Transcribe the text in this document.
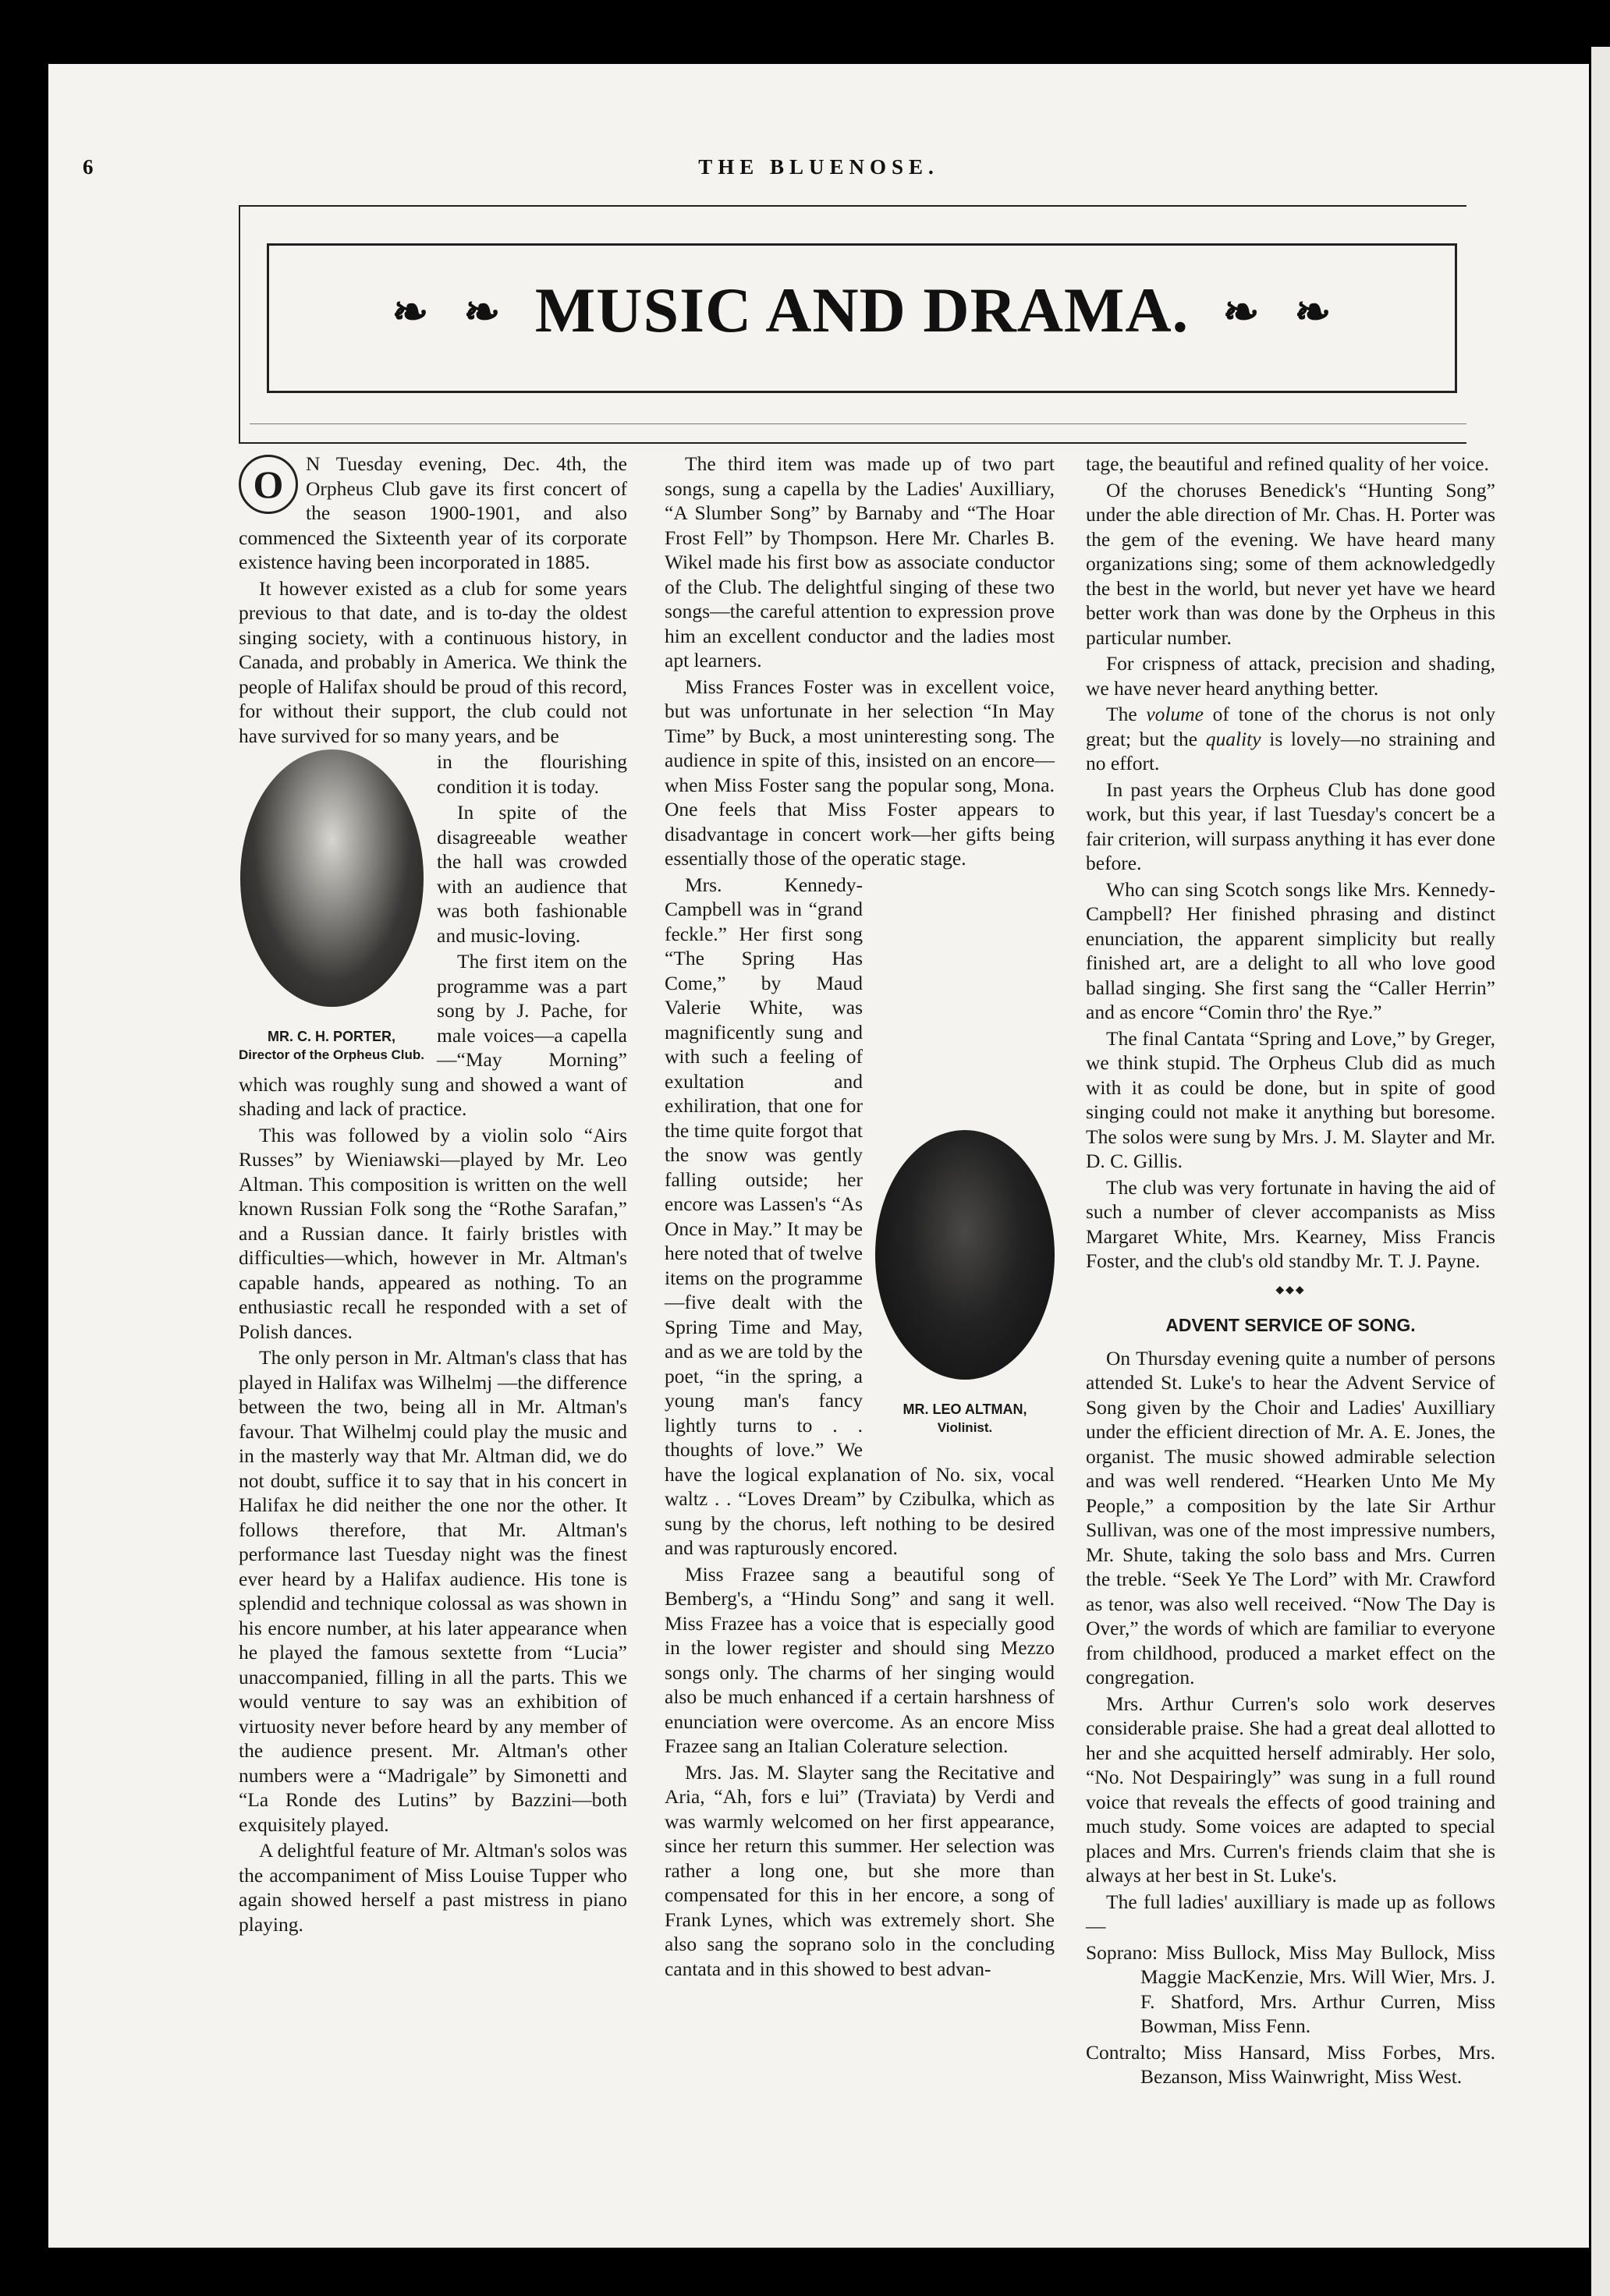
6	THE BLUENOSE.
❧ ❧ MUSIC AND DRAMA. ❧ ❧

O	N Tuesday evening, Dec. 4th, the Orpheus Club gave its first concert of the season 1900-1901, and also commenced the Sixteenth year of its corporate existence having been incorporated in 1885.

It however existed as a club for some years previous to that date, and is to-day the oldest singing society, with a continuous history, in Canada, and probably in America. We think the people of Halifax should be proud of this record, for without their support, the club could not have survived for so many years, and be

MR. C. H. PORTER,
Director of the Orpheus Club.

in the flourishing condition it is today.

In spite of the disagreeable weather the hall was crowded with an audience that was both fashionable and music-loving.

The first item on the programme was a part song by J. Pache, for male voices—a capella—“May Morning” which was roughly sung and showed a want of shading and lack of practice.

This was followed by a violin solo “Airs Russes” by Wieniawski—played by Mr. Leo Altman. This composition is written on the well known Russian Folk song the “Rothe Sarafan,” and a Russian dance. It fairly bristles with difficulties—which, however in Mr. Altman's capable hands, appeared as nothing. To an enthusiastic recall he responded with a set of Polish dances.

The only person in Mr. Altman's class that has played in Halifax was Wilhelmj —the difference between the two, being all in Mr. Altman's favour. That Wilhelmj could play the music and in the masterly way that Mr. Altman did, we do not doubt, suffice it to say that in his concert in Halifax he did neither the one nor the other. It follows therefore, that Mr. Altman's performance last Tuesday night was the finest ever heard by a Halifax audience. His tone is splendid and technique colossal as was shown in his encore number, at his later appearance when he played the famous sextette from “Lucia” unaccompanied, filling in all the parts. This we would venture to say was an exhibition of virtuosity never before heard by any member of the audience present. Mr. Altman's other numbers were a “Madrigale” by Simonetti and “La Ronde des Lutins” by Bazzini—both exquisitely played.

A delightful feature of Mr. Altman's solos was the accompaniment of Miss Louise Tupper who again showed herself a past mistress in piano playing.

The third item was made up of two part songs, sung a capella by the Ladies' Auxilliary, “A Slumber Song” by Barnaby and “The Hoar Frost Fell” by Thompson. Here Mr. Charles B. Wikel made his first bow as associate conductor of the Club. The delightful singing of these two songs—the careful attention to expression prove him an excellent conductor and the ladies most apt learners.

Miss Frances Foster was in excellent voice, but was unfortunate in her selection “In May Time” by Buck, a most uninteresting song. The audience in spite of this, insisted on an encore—when Miss Foster sang the popular song, Mona. One feels that Miss Foster appears to disadvantage in concert work—her gifts being essentially those of the operatic stage.

MR. LEO ALTMAN,
Violinist.

Mrs. Kennedy-Campbell was in “grand feckle.” Her first song “The Spring Has Come,” by Maud Valerie White, was magnificently sung and with such a feeling of exultation and exhiliration, that one for the time quite forgot that the snow was gently falling outside; her encore was Lassen's “As Once in May.” It may be here noted that of twelve items on the programme—five dealt with the Spring Time and May, and as we are told by the poet, “in the spring, a young man's fancy lightly turns to . . thoughts of love.” We have the logical explanation of No. six, vocal waltz . . “Loves Dream” by Czibulka, which as sung by the chorus, left nothing to be desired and was rapturously encored.

Miss Frazee sang a beautiful song of Bemberg's, a “Hindu Song” and sang it well. Miss Frazee has a voice that is especially good in the lower register and should sing Mezzo songs only. The charms of her singing would also be much enhanced if a certain harshness of enunciation were overcome. As an encore Miss Frazee sang an Italian Colerature selection.

Mrs. Jas. M. Slayter sang the Recitative and Aria, “Ah, fors e lui” (Traviata) by Verdi and was warmly welcomed on her first appearance, since her return this summer. Her selection was rather a long one, but she more than compensated for this in her encore, a song of Frank Lynes, which was extremely short. She also sang the soprano solo in the concluding cantata and in this showed to best advan-

tage, the beautiful and refined quality of her voice.

Of the choruses Benedick's “Hunting Song” under the able direction of Mr. Chas. H. Porter was the gem of the evening. We have heard many organizations sing; some of them acknowledgedly the best in the world, but never yet have we heard better work than was done by the Orpheus in this particular number.

For crispness of attack, precision and shading, we have never heard anything better.

The volume of tone of the chorus is not only great; but the quality is lovely—no straining and no effort.

In past years the Orpheus Club has done good work, but this year, if last Tuesday's concert be a fair criterion, will surpass anything it has ever done before.

Who can sing Scotch songs like Mrs. Kennedy-Campbell? Her finished phrasing and distinct enunciation, the apparent simplicity but really finished art, are a delight to all who love good ballad singing. She first sang the “Caller Herrin” and as encore “Comin thro' the Rye.”

The final Cantata “Spring and Love,” by Greger, we think stupid. The Orpheus Club did as much with it as could be done, but in spite of good singing could not make it anything but boresome. The solos were sung by Mrs. J. M. Slayter and Mr. D. C. Gillis.

The club was very fortunate in having the aid of such a number of clever accompanists as Miss Margaret White, Mrs. Kearney, Miss Francis Foster, and the club's old standby Mr. T. J. Payne.

◆◆◆
ADVENT SERVICE OF SONG.

On Thursday evening quite a number of persons attended St. Luke's to hear the Advent Service of Song given by the Choir and Ladies' Auxilliary under the efficient direction of Mr. A. E. Jones, the organist. The music showed admirable selection and was well rendered. “Hearken Unto Me My People,” a composition by the late Sir Arthur Sullivan, was one of the most impressive numbers, Mr. Shute, taking the solo bass and Mrs. Curren the treble. “Seek Ye The Lord” with Mr. Crawford as tenor, was also well received. “Now The Day is Over,” the words of which are familiar to everyone from childhood, produced a market effect on the congregation.

Mrs. Arthur Curren's solo work deserves considerable praise. She had a great deal allotted to her and she acquitted herself admirably. Her solo, “No. Not Despairingly” was sung in a full round voice that reveals the effects of good training and much study. Some voices are adapted to special places and Mrs. Curren's friends claim that she is always at her best in St. Luke's.

The full ladies' auxilliary is made up as follows—

Soprano: Miss Bullock, Miss May Bullock, Miss Maggie MacKenzie, Mrs. Will Wier, Mrs. J. F. Shatford, Mrs. Arthur Curren, Miss Bowman, Miss Fenn.

Contralto; Miss Hansard, Miss Forbes, Mrs. Bezanson, Miss Wainwright, Miss West.
